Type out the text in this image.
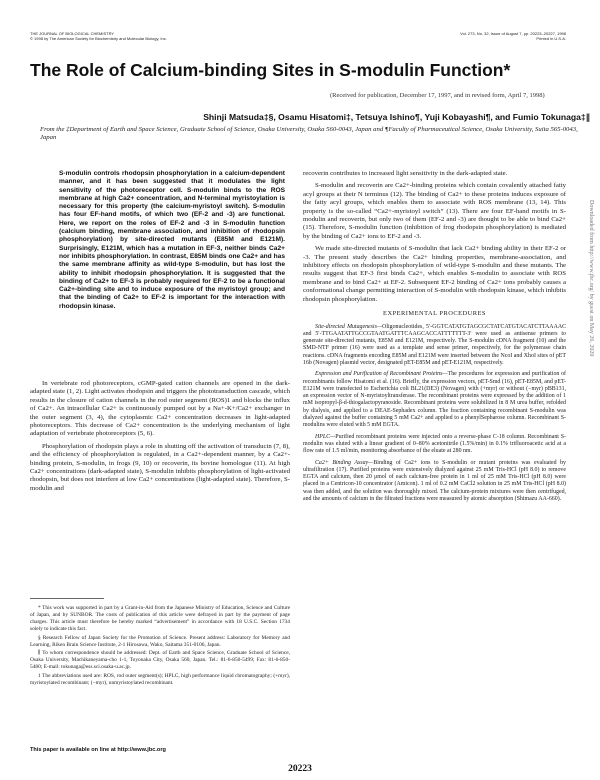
THE JOURNAL OF BIOLOGICAL CHEMISTRY
© 1998 by The American Society for Biochemistry and Molecular Biology, Inc.
Vol. 273, No. 32, Issue of August 7, pp. 20223–20227, 1998
Printed in U.S.A.
The Role of Calcium-binding Sites in S-modulin Function*
(Received for publication, December 17, 1997, and in revised form, April 7, 1998)
Shinji Matsuda‡§, Osamu Hisatomi‡, Tetsuya Ishino¶, Yuji Kobayashi¶, and Fumio Tokunaga‡∥
From the ‡Department of Earth and Space Science, Graduate School of Science, Osaka University, Osaka 560-0043, Japan and ¶Faculty of Pharmaceutical Science, Osaka University, Suita 565-0043, Japan
S-modulin controls rhodopsin phosphorylation in a calcium-dependent manner, and it has been suggested that it modulates the light sensitivity of the photoreceptor cell. S-modulin binds to the ROS membrane at high Ca2+ concentration, and N-terminal myristoylation is necessary for this property (the calcium-myristoyl switch). S-modulin has four EF-hand motifs, of which two (EF-2 and -3) are functional. Here, we report on the roles of EF-2 and -3 in S-modulin function (calcium binding, membrane association, and inhibition of rhodopsin phosphorylation) by site-directed mutants (E85M and E121M). Surprisingly, E121M, which has a mutation in EF-3, neither binds Ca2+ nor inhibits phosphorylation. In contrast, E85M binds one Ca2+ and has the same membrane affinity as wild-type S-modulin, but has lost the ability to inhibit rhodopsin phosphorylation. It is suggested that the binding of Ca2+ to EF-3 is probably required for EF-2 to be a functional Ca2+-binding site and to induce exposure of the myristoyl group; and that the binding of Ca2+ to EF-2 is important for the interaction with rhodopsin kinase.

In vertebrate rod photoreceptors, cGMP-gated cation channels are opened in the dark-adapted state (1, 2). Light activates rhodopsin and triggers the phototransduction cascade, which results in the closure of cation channels in the rod outer segment (ROS)1 and blocks the influx of Ca2+. An intracellular Ca2+ is continuously pumped out by a Na+-K+/Ca2+ exchanger in the outer segment (3, 4), the cytoplasmic Ca2+ concentration decreases in light-adapted photoreceptors. This decrease of Ca2+ concentration is the underlying mechanism of light adaptation of vertebrate photoreceptors (5, 6).

Phosphorylation of rhodopsin plays a role in shutting off the activation of transducin (7, 8), and the efficiency of phosphorylation is regulated, in a Ca2+-dependent manner, by a Ca2+-binding protein, S-modulin, in frogs (9, 10) or recoverin, its bovine homologue (11). At high Ca2+ concentrations (dark-adapted state), S-modulin inhibits phosphorylation of light-activated rhodopsin, but does not interfere at low Ca2+ concentrations (light-adapted state). Therefore, S-modulin and

* This work was supported in part by a Grant-in-Aid from the Japanese Ministry of Education, Science and Culture of Japan, and by SUNBOR. The costs of publication of this article were defrayed in part by the payment of page charges. This article must therefore be hereby marked “advertisement” in accordance with 18 U.S.C. Section 1734 solely to indicate this fact.

§ Research Fellow of Japan Society for the Promotion of Science. Present address: Laboratory for Memory and Learning, Riken Brain Science Institute, 2-1 Hirosawa, Wako, Saitama 351-0106, Japan.

∥ To whom correspondence should be addressed: Dept. of Earth and Space Science, Graduate School of Science, Osaka University, Machikaneyama-cho 1-1, Toyonaka City, Osaka 560, Japan. Tel.: 81-6-850-5499; Fax: 81-6-850-5480; E-mail: tokunaga@ess.sci.osaka-u.ac.jp.

1 The abbreviations used are: ROS, rod outer segment(s); HPLC, high performance liquid chromatography; (+myr), myristoylated recombinant; (−myr), unmyristoylated recombinant.

recoverin contributes to increased light sensitivity in the dark-adapted state.

S-modulin and recoverin are Ca2+-binding proteins which contain covalently attached fatty acyl groups at their N terminus (12). The binding of Ca2+ to these proteins induces exposure of the fatty acyl groups, which enables them to associate with ROS membrane (13, 14). This property is the so-called “Ca2+-myristoyl switch” (13). There are four EF-hand motifs in S-modulin and recoverin, but only two of them (EF-2 and -3) are thought to be able to bind Ca2+ (15). Therefore, S-modulin function (inhibition of frog rhodopsin phosphorylation) is mediated by the binding of Ca2+ ions to EF-2 and -3.

We made site-directed mutants of S-modulin that lack Ca2+ binding ability in their EF-2 or -3. The present study describes the Ca2+ binding properties, membrane-association, and inhibitory effects on rhodopsin phosphorylation of wild-type S-modulin and these mutants. The results suggest that EF-3 first binds Ca2+, which enables S-modulin to associate with ROS membrane and to bind Ca2+ at EF-2. Subsequent EF-2 binding of Ca2+ ions probably causes a conformational change permitting interaction of S-modulin with rhodopsin kinase, which inhibits rhodopsin phosphorylation.

EXPERIMENTAL PROCEDURES

Site-directed Mutagenesis—Oligonucleotides, 5′-GGTCATATGTAGCGCTATCATGTACATCTTAAAAC and 5′-TTGAATATTGCCGTAATGATTTCAAGCACCATTTTTTT-3′ were used as antisense primers to generate site-directed mutants, E85M and E121M, respectively. The S-modulin cDNA fragment (10) and the SMD-NTF primer (16) were used as a template and sense primer, respectively, for the polymerase chain reactions. cDNA fragments encoding E85M and E121M were inserted between the NcoI and XhoI sites of pET 16b (Novagen) plasmid vector, designated pET-E85M and pET-E121M, respectively.

Expression and Purification of Recombinant Proteins—The procedures for expression and purification of recombinants follow Hisatomi et al. (16). Briefly, the expression vectors, pET-Smd (16), pET-E85M, and pET-E121M were transfected to Escherichia coli BL21(DE3) (Novagen) with (+myr) or without (−myr) pBB131, an expression vector of N-myristoyltransferase. The recombinant proteins were expressed by the addition of 1 mM isopropyl-β-d-thiogalactopyranoside. Recombinant proteins were solubilized in 8 M urea buffer, refolded by dialysis, and applied to a DEAE-Sephadex column. The fraction containing recombinant S-modulin was dialyzed against the buffer containing 5 mM Ca2+ and applied to a phenylSepharose column. Recombinant S-modulins were eluted with 5 mM EGTA.

HPLC—Purified recombinant proteins were injected onto a reverse-phase C-18 column. Recombinant S-modulin was eluted with a linear gradient of 0–80% acetonitrile (1.5%/min) in 0.1% trifluoroacetic acid at a flow rate of 1.5 ml/min, monitoring absorbance of the eluate at 280 nm.

Ca2+ Binding Assay—Binding of Ca2+ ions to S-modulin or mutant proteins was evaluated by ultrafiltration (17). Purified proteins were extensively dialyzed against 25 mM Tris-HCl (pH 8.0) to remove EGTA and calcium, then 20 μmol of each calcium-free protein in 1 ml of 25 mM Tris-HCl (pH 8.0) were placed in a Centricon-10 concentrator (Amicon). 1 ml of 0.2 mM CaCl2 solution in 25 mM Tris-HCl (pH 8.0) was then added, and the solution was thoroughly mixed. The calcium-protein mixtures were then centrifuged, and the amounts of calcium in the filtrated fractions were measured by atomic absorption (Shimazu AA-660).

This paper is available on line at http://www.jbc.org
20223
Downloaded from http://www.jbc.org/ by guest on May 26, 2020
